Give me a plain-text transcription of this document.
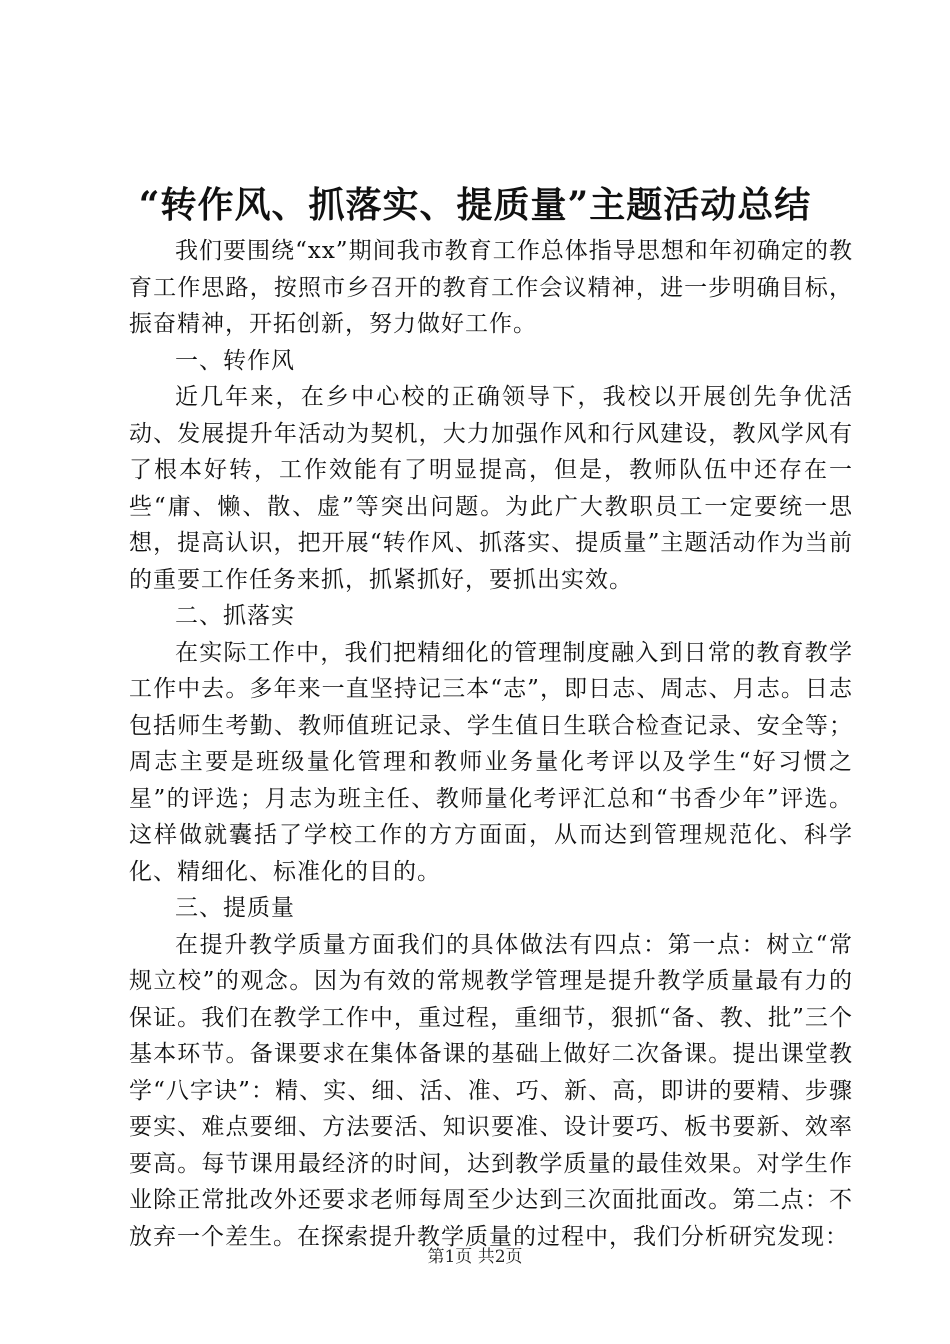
“转作风、抓落实、提质量”主题活动总结

我们要围绕“xx”期间我市教育工作总体指导思想和年初确定的教育工作思路，按照市乡召开的教育工作会议精神，进一步明确目标，振奋精神，开拓创新，努力做好工作。

一、转作风

近几年来，在乡中心校的正确领导下，我校以开展创先争优活动、发展提升年活动为契机，大力加强作风和行风建设，教风学风有了根本好转，工作效能有了明显提高，但是，教师队伍中还存在一些“庸、懒、散、虚”等突出问题。为此广大教职员工一定要统一思想，提高认识，把开展“转作风、抓落实、提质量”主题活动作为当前的重要工作任务来抓，抓紧抓好，要抓出实效。

二、抓落实

在实际工作中，我们把精细化的管理制度融入到日常的教育教学工作中去。多年来一直坚持记三本“志”，即日志、周志、月志。日志包括师生考勤、教师值班记录、学生值日生联合检查记录、安全等；周志主要是班级量化管理和教师业务量化考评以及学生“好习惯之星”的评选；月志为班主任、教师量化考评汇总和“书香少年”评选。这样做就囊括了学校工作的方方面面，从而达到管理规范化、科学化、精细化、标准化的目的。

三、提质量

在提升教学质量方面我们的具体做法有四点：第一点：树立“常规立校”的观念。因为有效的常规教学管理是提升教学质量最有力的保证。我们在教学工作中，重过程，重细节，狠抓“备、教、批”三个基本环节。备课要求在集体备课的基础上做好二次备课。提出课堂教学“八字诀”：精、实、细、活、准、巧、新、高，即讲的要精、步骤要实、难点要细、方法要活、知识要准、设计要巧、板书要新、效率要高。每节课用最经济的时间，达到教学质量的最佳效果。对学生作业除正常批改外还要求老师每周至少达到三次面批面改。第二点：不放弃一个差生。在探索提升教学质量的过程中，我们分析研究发现：

第1页 共2页
